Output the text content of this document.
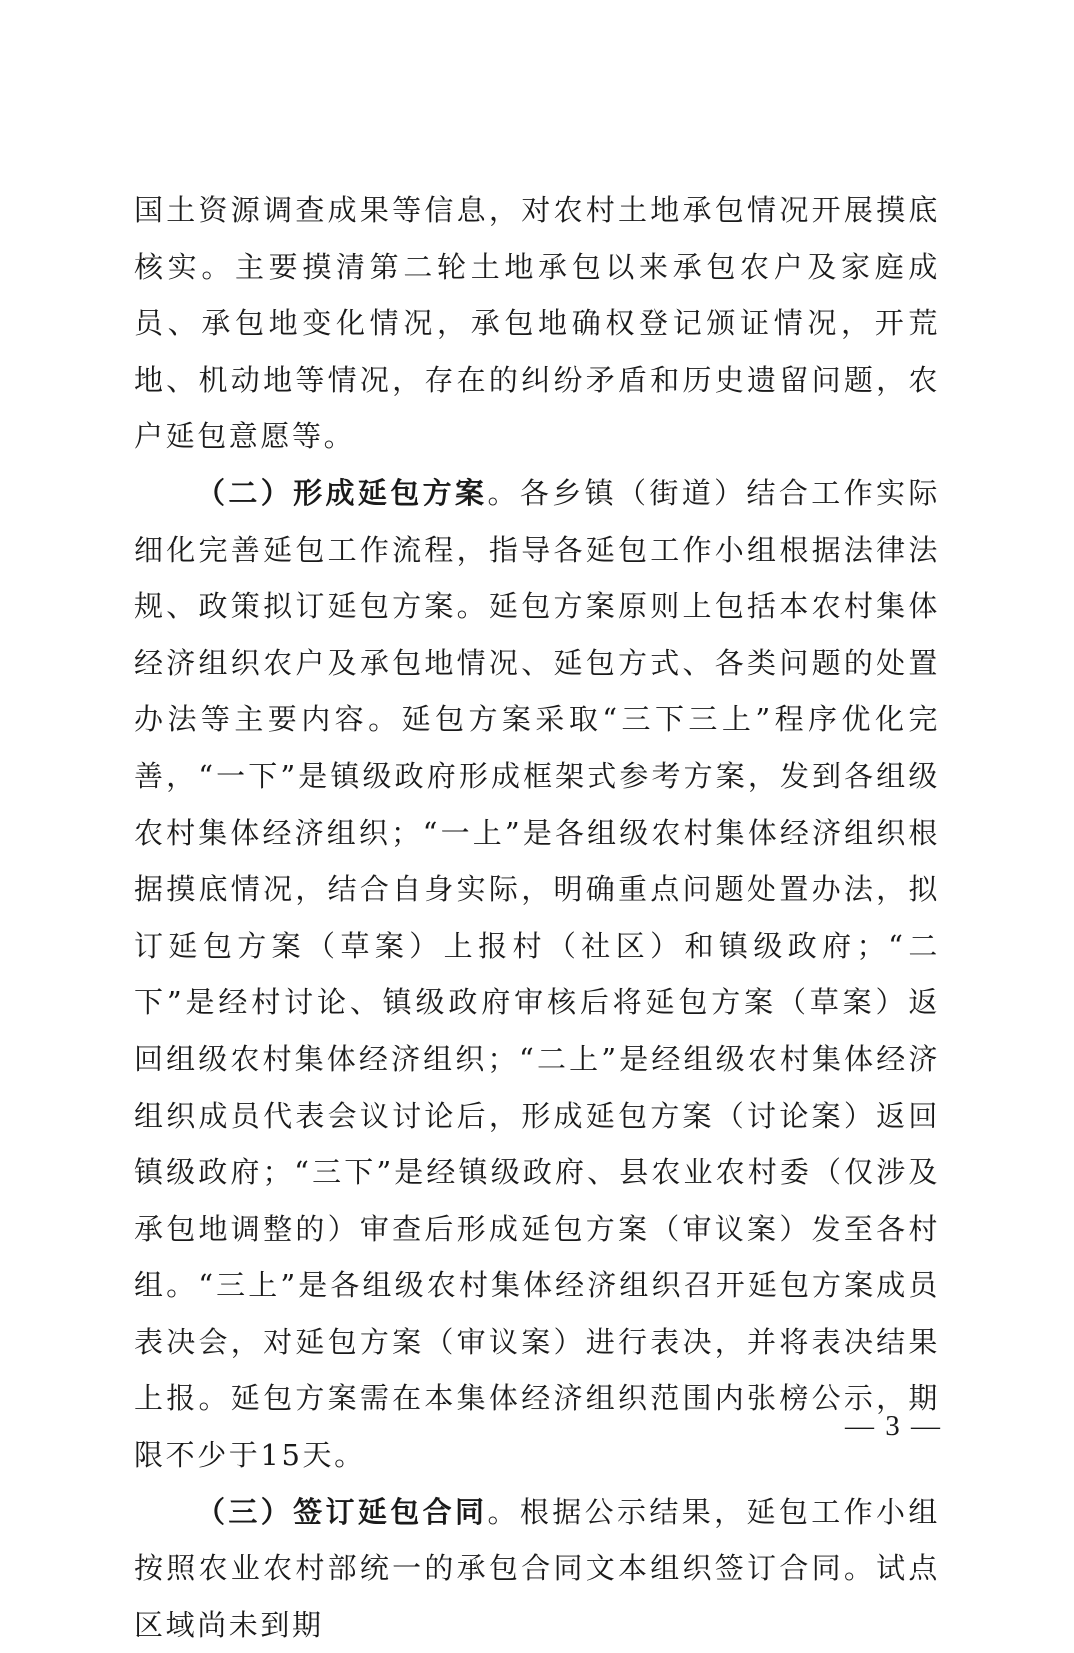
国土资源调查成果等信息，对农村土地承包情况开展摸底核实。主要摸清第二轮土地承包以来承包农户及家庭成员、承包地变化情况，承包地确权登记颁证情况，开荒地、机动地等情况，存在的纠纷矛盾和历史遗留问题，农户延包意愿等。

（二）形成延包方案。各乡镇（街道）结合工作实际细化完善延包工作流程，指导各延包工作小组根据法律法规、政策拟订延包方案。延包方案原则上包括本农村集体经济组织农户及承包地情况、延包方式、各类问题的处置办法等主要内容。延包方案采取“三下三上”程序优化完善，“一下”是镇级政府形成框架式参考方案，发到各组级农村集体经济组织；“一上”是各组级农村集体经济组织根据摸底情况，结合自身实际，明确重点问题处置办法，拟订延包方案（草案）上报村（社区）和镇级政府；“二下”是经村讨论、镇级政府审核后将延包方案（草案）返回组级农村集体经济组织；“二上”是经组级农村集体经济组织成员代表会议讨论后，形成延包方案（讨论案）返回镇级政府；“三下”是经镇级政府、县农业农村委（仅涉及承包地调整的）审查后形成延包方案（审议案）发至各村组。“三上”是各组级农村集体经济组织召开延包方案成员表决会，对延包方案（审议案）进行表决，并将表决结果上报。延包方案需在本集体经济组织范围内张榜公示，期限不少于15天。

（三）签订延包合同。根据公示结果，延包工作小组按照农业农村部统一的承包合同文本组织签订合同。试点区域尚未到期

— 3 —
